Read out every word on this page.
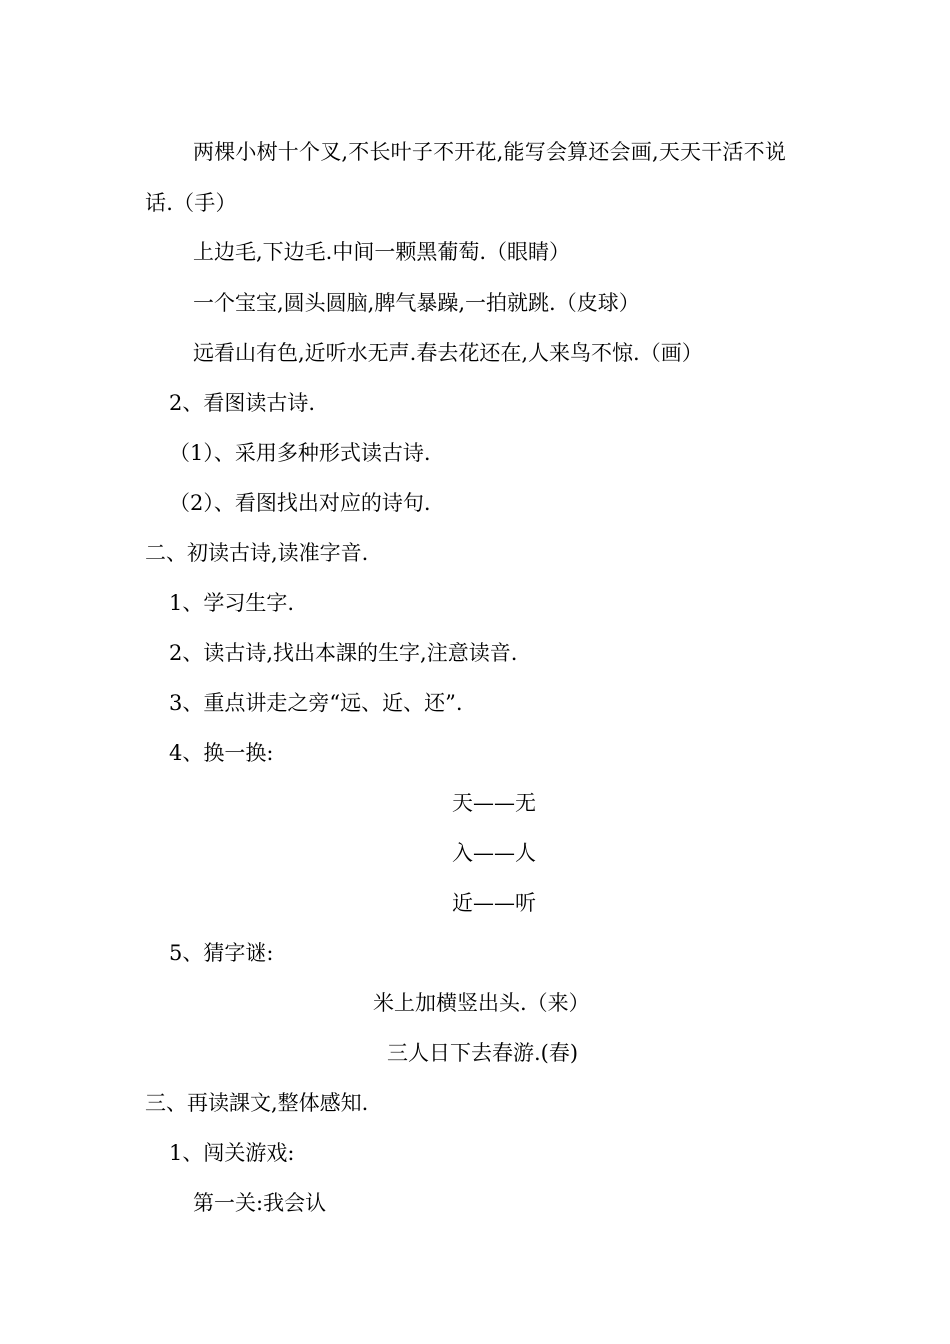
两棵小树十个叉,不长叶子不开花,能写会算还会画,天天干活不说话.（手）
上边毛,下边毛.中间一颗黑葡萄.（眼睛）
一个宝宝,圆头圆脑,脾气暴躁,一拍就跳.（皮球）
远看山有色,近听水无声.春去花还在,人来鸟不惊.（画）
2、看图读古诗.
（1）、采用多种形式读古诗.
（2）、看图找出对应的诗句.
二、初读古诗,读准字音.
1、学习生字.
2、读古诗,找出本課的生字,注意读音.
3、重点讲走之旁“远、近、还”.
4、换一换:
天——无
入——人
近——听
5、猜字谜:
米上加横竖出头.（来）
三人日下去春游.(春)
三、再读課文,整体感知.
1、闯关游戏:
第一关:我会认
